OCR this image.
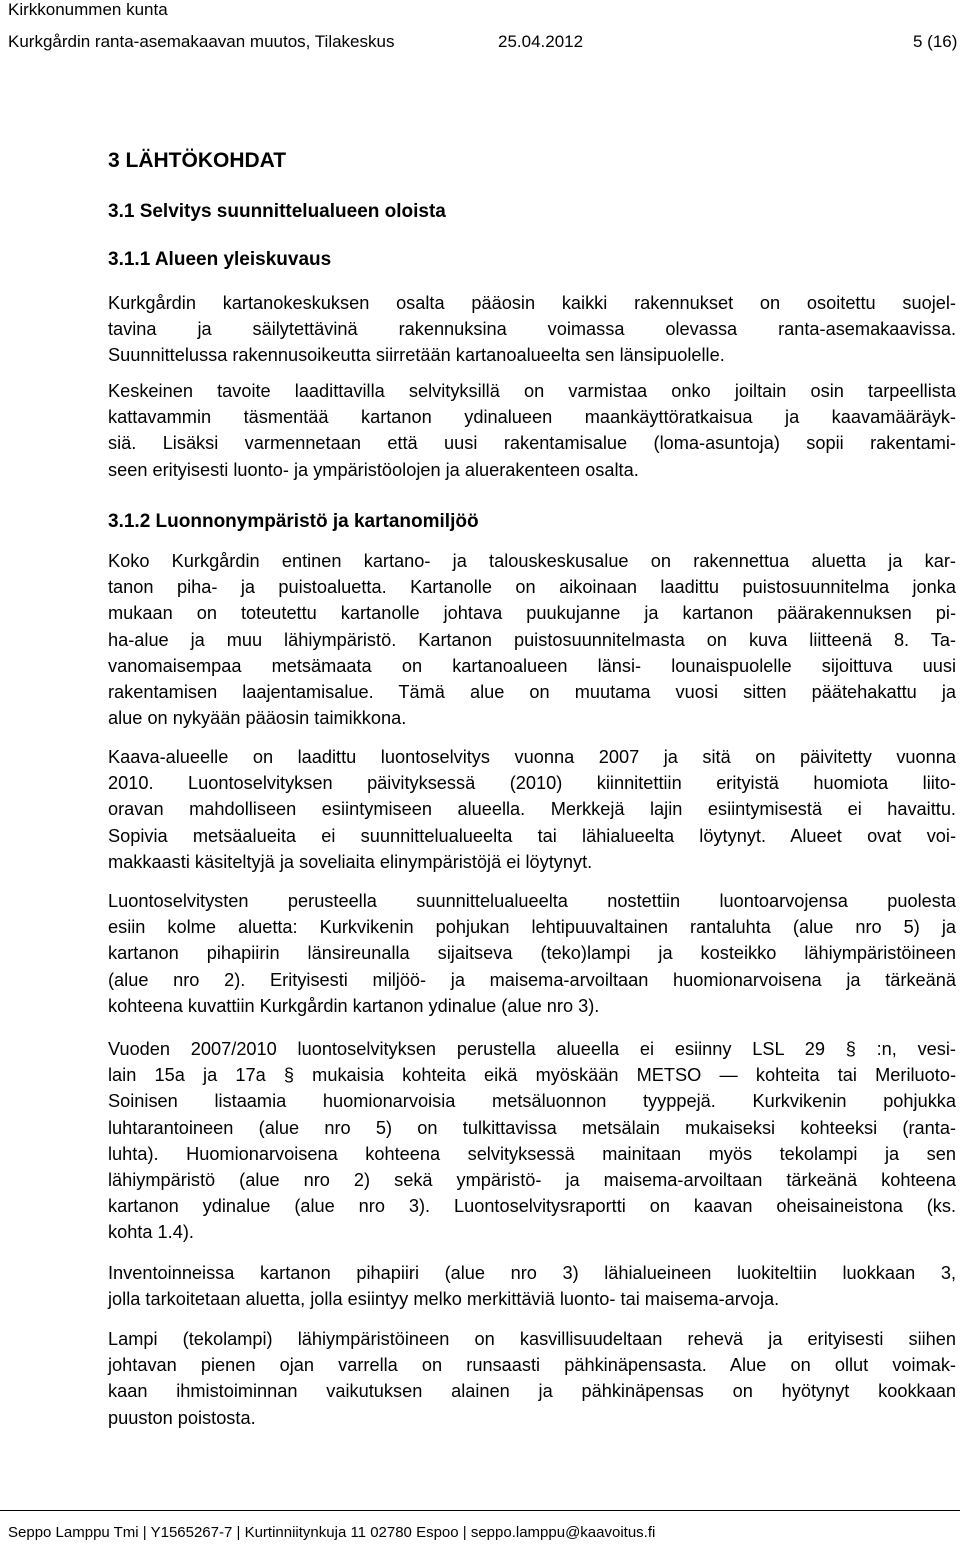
Kirkkonummen kunta
Kurkgårdin ranta-asemakaavan muutos, Tilakeskus	25.04.2012	5 (16)
3 LÄHTÖKOHDAT
3.1 Selvitys suunnittelualueen oloista
3.1.1 Alueen yleiskuvaus
Kurkgårdin kartanokeskuksen osalta pääosin kaikki rakennukset on osoitettu suojel-
tavina ja säilytettävinä rakennuksina voimassa olevassa ranta-asemakaavissa.
Suunnittelussa rakennusoikeutta siirretään kartanoalueelta sen länsipuolelle.
Keskeinen tavoite laadittavilla selvityksillä on varmistaa onko joiltain osin tarpeellista
kattavammin täsmentää kartanon ydinalueen maankäyttöratkaisua ja kaavamääräyk-
siä. Lisäksi varmennetaan että uusi rakentamisalue (loma-asuntoja) sopii rakentami-
seen erityisesti luonto- ja ympäristöolojen ja aluerakenteen osalta.
3.1.2 Luonnonympäristö ja kartanomiljöö
Koko Kurkgårdin entinen kartano- ja talouskeskusalue on rakennettua aluetta ja kar-
tanon piha- ja puistoaluetta. Kartanolle on aikoinaan laadittu puistosuunnitelma jonka
mukaan on toteutettu kartanolle johtava puukujanne ja kartanon päärakennuksen pi-
ha-alue ja muu lähiympäristö. Kartanon puistosuunnitelmasta on kuva liitteenä 8. Ta-
vanomaisempaa metsämaata on kartanoalueen länsi- lounaispuolelle sijoittuva uusi
rakentamisen laajentamisalue. Tämä alue on muutama vuosi sitten päätehakattu ja
alue on nykyään pääosin taimikkona.
Kaava-alueelle on laadittu luontoselvitys vuonna 2007 ja sitä on päivitetty vuonna
2010. Luontoselvityksen päivityksessä (2010) kiinnitettiin erityistä huomiota liito-
oravan mahdolliseen esiintymiseen alueella. Merkkejä lajin esiintymisestä ei havaittu.
Sopivia metsäalueita ei suunnittelualueelta tai lähialueelta löytynyt. Alueet ovat voi-
makkaasti käsiteltyjä ja soveliaita elinympäristöjä ei löytynyt.
Luontoselvitysten perusteella suunnittelualueelta nostettiin luontoarvojensa puolesta
esiin kolme aluetta: Kurkvikenin pohjukan lehtipuuvaltainen rantaluhta (alue nro 5) ja
kartanon pihapiirin länsireunalla sijaitseva (teko)lampi ja kosteikko lähiympäristöineen
(alue nro 2). Erityisesti miljöö- ja maisema-arvoiltaan huomionarvoisena ja tärkeänä
kohteena kuvattiin Kurkgårdin kartanon ydinalue (alue nro 3).
Vuoden 2007/2010 luontoselvityksen perustella alueella ei esiinny LSL 29 § :n, vesi-
lain 15a ja 17a § mukaisia kohteita eikä myöskään METSO — kohteita tai Meriluoto-
Soinisen listaamia huomionarvoisia metsäluonnon tyyppejä. Kurkvikenin pohjukka
luhtarantoineen (alue nro 5) on tulkittavissa metsälain mukaiseksi kohteeksi (ranta-
luhta). Huomionarvoisena kohteena selvityksessä mainitaan myös tekolampi ja sen
lähiympäristö (alue nro 2) sekä ympäristö- ja maisema-arvoiltaan tärkeänä kohteena
kartanon ydinalue (alue nro 3). Luontoselvitysraportti on kaavan oheisaineistona (ks.
kohta 1.4).
Inventoinneissa kartanon pihapiiri (alue nro 3) lähialueineen luokiteltiin luokkaan 3,
jolla tarkoitetaan aluetta, jolla esiintyy melko merkittäviä luonto- tai maisema-arvoja.
Lampi (tekolampi) lähiympäristöineen on kasvillisuudeltaan rehevä ja erityisesti siihen
johtavan pienen ojan varrella on runsaasti pähkinäpensasta. Alue on ollut voimak-
kaan ihmistoiminnan vaikutuksen alainen ja pähkinäpensas on hyötynyt kookkaan
puuston poistosta.
Seppo Lamppu Tmi | Y1565267-7 | Kurtinniitynkuja 11 02780 Espoo | seppo.lamppu@kaavoitus.fi
